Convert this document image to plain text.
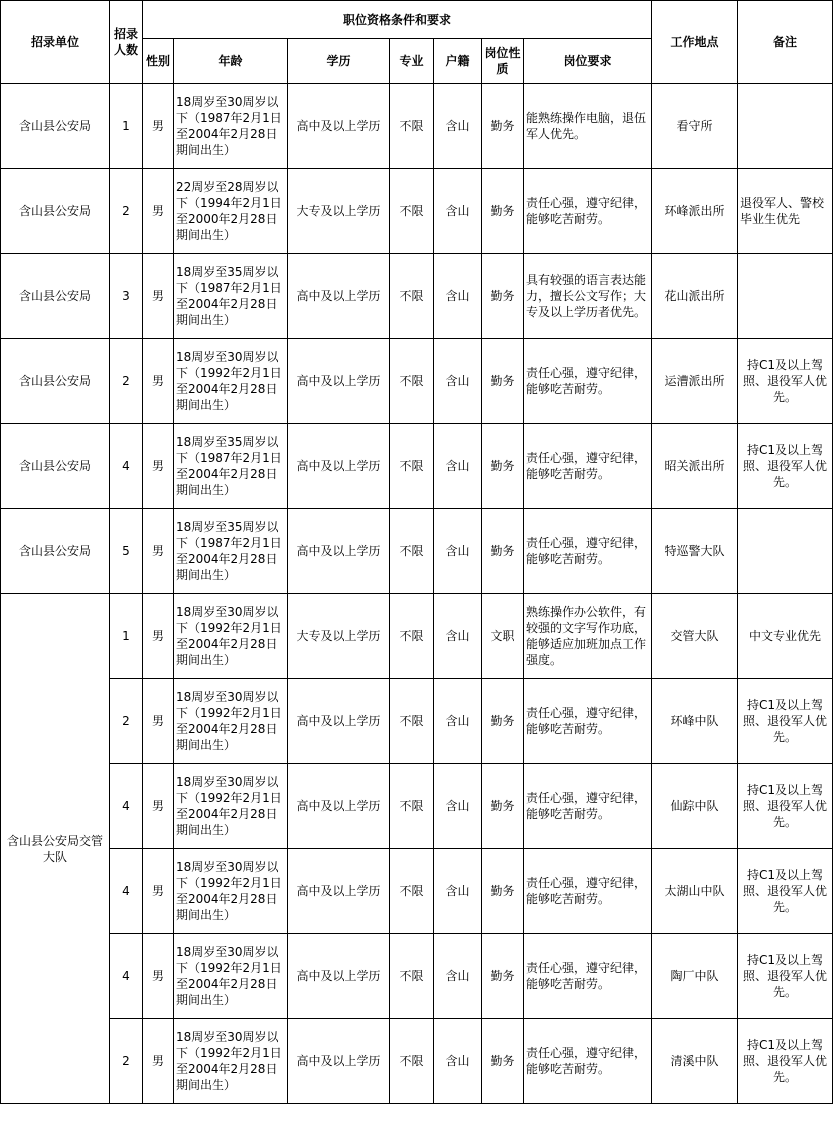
招录单位	招录人数	职位资格条件和要求							工作地点	备注
		性别	年龄	学历	专业	户籍	岗位性质	岗位要求		
含山县公安局	1	男	18周岁至30周岁以下（1987年2月1日至2004年2月28日期间出生）	高中及以上学历	不限	含山	勤务	能熟练操作电脑，退伍军人优先。	看守所	
含山县公安局	2	男	22周岁至28周岁以下（1994年2月1日至2000年2月28日期间出生）	大专及以上学历	不限	含山	勤务	责任心强，遵守纪律，能够吃苦耐劳。	环峰派出所	退役军人、警校毕业生优先
含山县公安局	3	男	18周岁至35周岁以下（1987年2月1日至2004年2月28日期间出生）	高中及以上学历	不限	含山	勤务	具有较强的语言表达能力，擅长公文写作；大专及以上学历者优先。	花山派出所	
含山县公安局	2	男	18周岁至30周岁以下（1992年2月1日至2004年2月28日期间出生）	高中及以上学历	不限	含山	勤务	责任心强，遵守纪律，能够吃苦耐劳。	运漕派出所	持C1及以上驾照、退役军人优先。
含山县公安局	4	男	18周岁至35周岁以下（1987年2月1日至2004年2月28日期间出生）	高中及以上学历	不限	含山	勤务	责任心强，遵守纪律，能够吃苦耐劳。	昭关派出所	持C1及以上驾照、退役军人优先。
含山县公安局	5	男	18周岁至35周岁以下（1987年2月1日至2004年2月28日期间出生）	高中及以上学历	不限	含山	勤务	责任心强，遵守纪律，能够吃苦耐劳。	特巡警大队	
含山县公安局交管大队	1	男	18周岁至30周岁以下（1992年2月1日至2004年2月28日期间出生）	大专及以上学历	不限	含山	文职	熟练操作办公软件，有较强的文字写作功底，能够适应加班加点工作强度。	交管大队	中文专业优先
	2	男	18周岁至30周岁以下（1992年2月1日至2004年2月28日期间出生）	高中及以上学历	不限	含山	勤务	责任心强，遵守纪律，能够吃苦耐劳。	环峰中队	持C1及以上驾照、退役军人优先。
	4	男	18周岁至30周岁以下（1992年2月1日至2004年2月28日期间出生）	高中及以上学历	不限	含山	勤务	责任心强，遵守纪律，能够吃苦耐劳。	仙踪中队	持C1及以上驾照、退役军人优先。
	4	男	18周岁至30周岁以下（1992年2月1日至2004年2月28日期间出生）	高中及以上学历	不限	含山	勤务	责任心强，遵守纪律，能够吃苦耐劳。	太湖山中队	持C1及以上驾照、退役军人优先。
	4	男	18周岁至30周岁以下（1992年2月1日至2004年2月28日期间出生）	高中及以上学历	不限	含山	勤务	责任心强，遵守纪律，能够吃苦耐劳。	陶厂中队	持C1及以上驾照、退役军人优先。
	2	男	18周岁至30周岁以下（1992年2月1日至2004年2月28日期间出生）	高中及以上学历	不限	含山	勤务	责任心强，遵守纪律，能够吃苦耐劳。	清溪中队	持C1及以上驾照、退役军人优先。
